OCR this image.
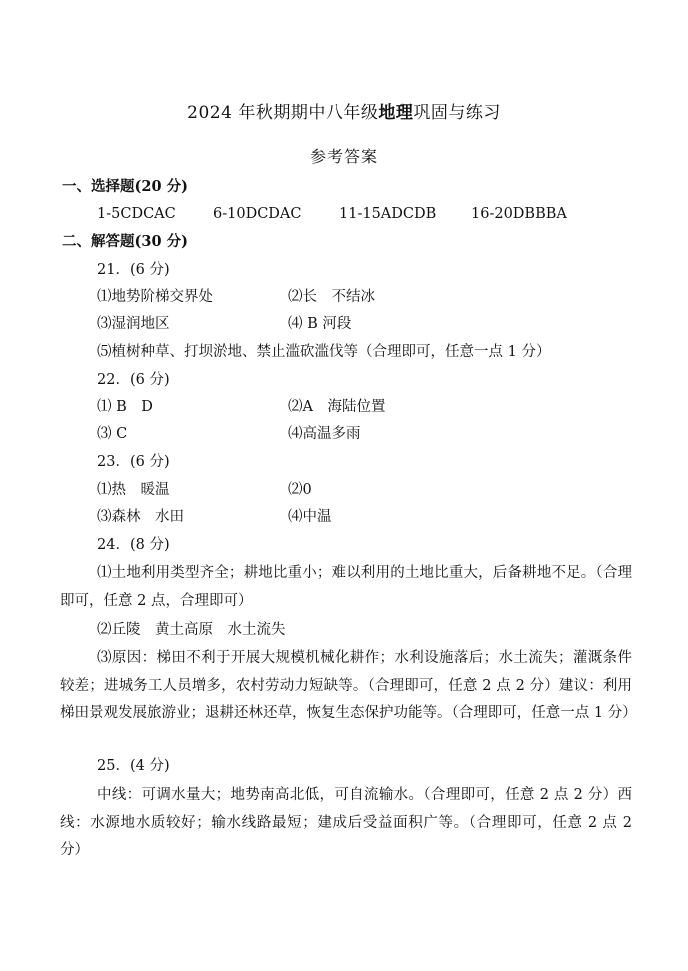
2024 年秋期期中八年级地理巩固与练习
参考答案
一、选择题(20 分)
1-5CDCAC	6-10DCDAC	11-15ADCDB 16-20DBBBA
二、解答题(30 分)
21．(6 分)
⑴地势阶梯交界处	⑵长　不结冰
⑶湿润地区	⑷ B 河段
⑸植树种草、打坝淤地、禁止滥砍滥伐等（合理即可，任意一点 1 分）
22．(6 分)
⑴ B　D	⑵A　海陆位置
⑶ C	⑷高温多雨
23．(6 分)
⑴热　暖温	⑵0
⑶森林　水田	⑷中温
24．(8 分)
⑴土地利用类型齐全；耕地比重小；难以利用的土地比重大，后备耕地不足。（合理即可，任意 2 点，合理即可）
⑵丘陵　黄土高原　水土流失
⑶原因：梯田不利于开展大规模机械化耕作；水利设施落后；水土流失；灌溉条件较差；进城务工人员增多，农村劳动力短缺等。（合理即可，任意 2 点 2 分）建议：利用梯田景观发展旅游业；退耕还林还草，恢复生态保护功能等。（合理即可，任意一点 1 分）
25．(4 分)
中线：可调水量大；地势南高北低，可自流输水。（合理即可，任意 2 点 2 分）西线：水源地水质较好；输水线路最短；建成后受益面积广等。（合理即可，任意 2 点 2 分）
